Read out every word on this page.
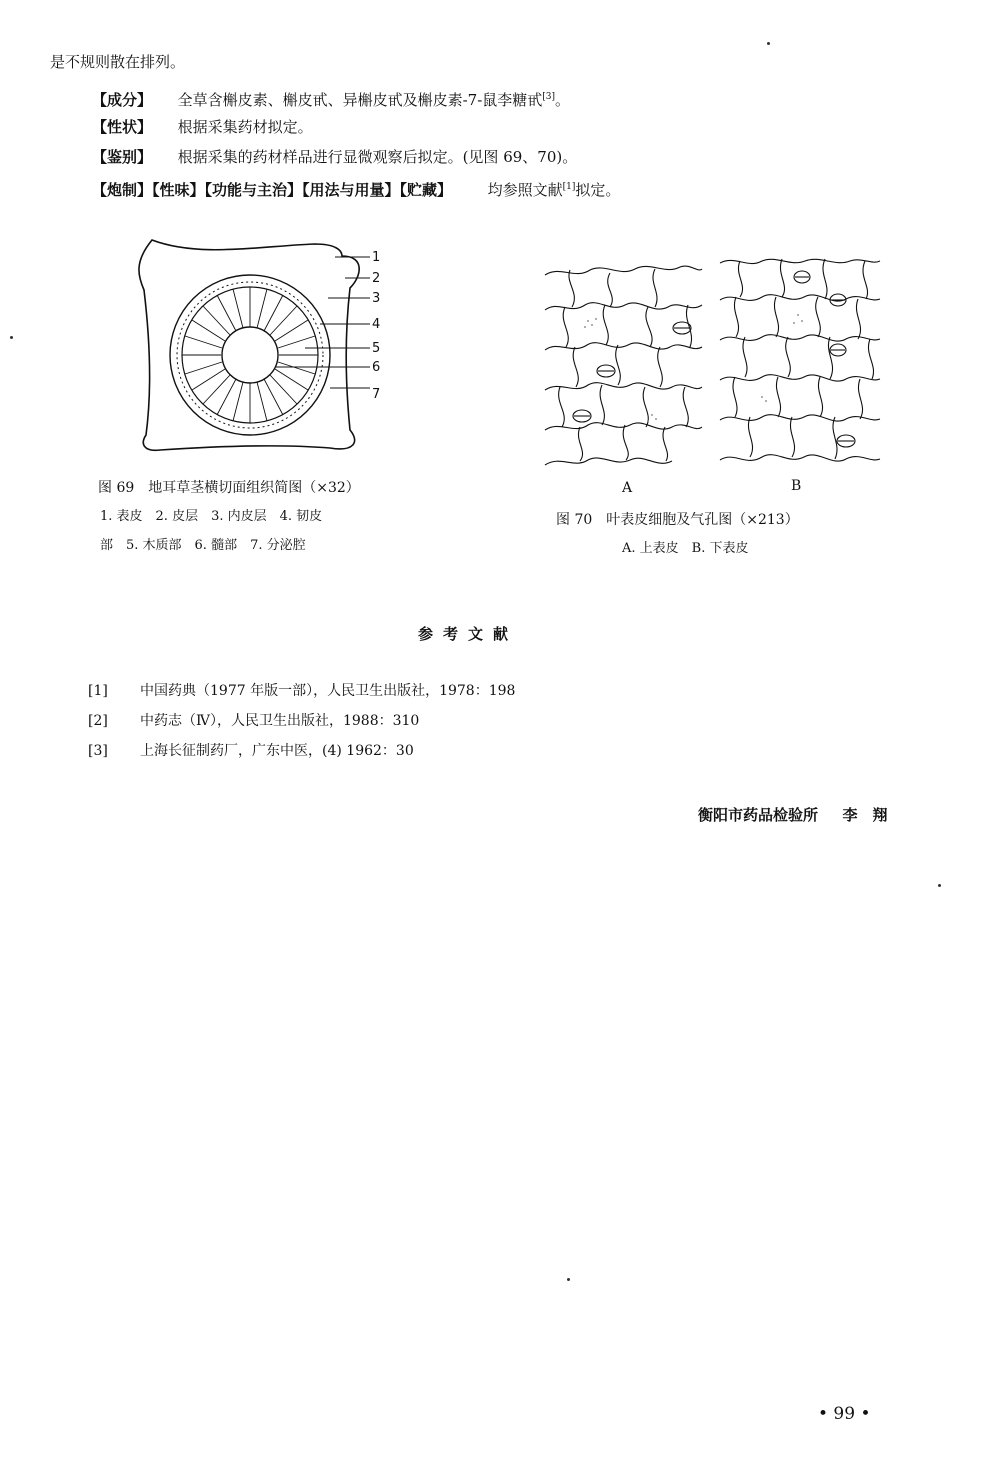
是不规则散在排列。
【成分】 全草含槲皮素、槲皮甙、异槲皮甙及槲皮素-7-鼠李糖甙[3]。
【性状】 根据采集药材拟定。
【鉴别】 根据采集的药材样品进行显微观察后拟定。(见图 69、70)。
【炮制】【性味】【功能与主治】【用法与用量】【贮藏】 均参照文献[1]拟定。
1
2
3
4
5
6
7
图 69　地耳草茎横切面组织简图（×32）
1. 表皮　2. 皮层　3. 内皮层　4. 韧皮
部　5. 木质部　6. 髓部　7. 分泌腔
A	B
图 70　叶表皮细胞及气孔图（×213）
A. 上表皮　B. 下表皮
参考文献
[1] 中国药典（1977 年版一部），人民卫生出版社，1978：198
[2] 中药志（Ⅳ），人民卫生出版社，1988：310
[3] 上海长征制药厂，广东中医，(4) 1962：30
衡阳市药品检验所 李　翔
• 99 •
